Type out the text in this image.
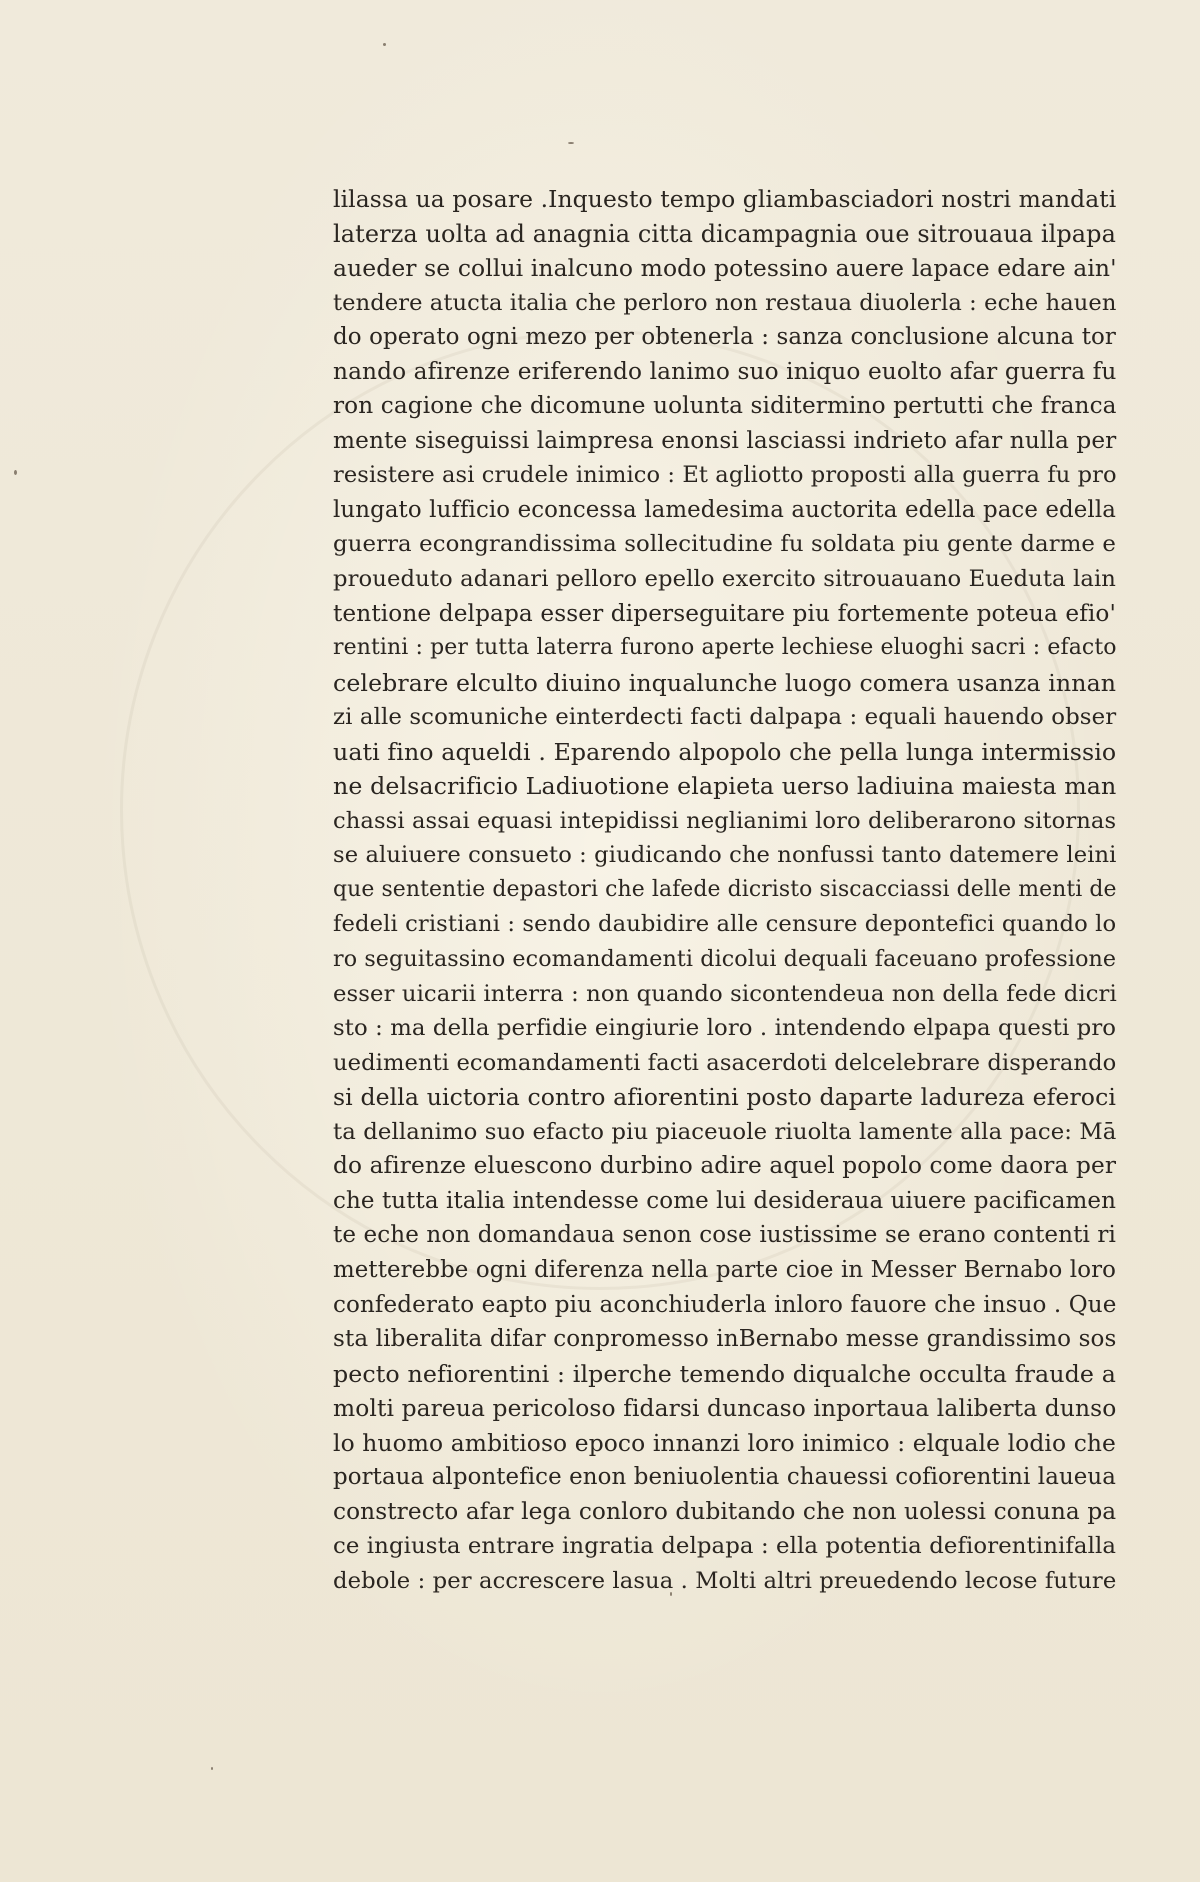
lilassa ua posare .Inquesto tempo gliambasciadori nostri mandati
laterza uolta ad anagnia citta dicampagnia oue sitrouaua ilpapa
aueder se collui inalcuno modo potessino auere lapace edare ain'
tendere atucta italia che perloro non restaua diuolerla : eche hauen
do operato ogni mezo per obtenerla : sanza conclusione alcuna tor
nando afirenze eriferendo lanimo suo iniquo euolto afar guerra fu
ron cagione che dicomune uolunta siditermino pertutti che franca
mente siseguissi laimpresa enonsi lasciassi indrieto afar nulla per
resistere asi crudele inimico : Et agliotto proposti alla guerra fu pro
lungato lufficio econcessa lamedesima auctorita edella pace edella
guerra econgrandissima sollecitudine fu soldata piu gente darme e
proueduto adanari pelloro epello exercito sitrouauano Eueduta lain
tentione delpapa esser diperseguitare piu fortemente poteua efio'
rentini : per tutta laterra furono aperte lechiese eluoghi sacri : efacto
celebrare elculto diuino inqualunche luogo comera usanza innan
zi alle scomuniche einterdecti facti dalpapa : equali hauendo obser
uati fino aqueldi . Eparendo alpopolo che pella lunga intermissio
ne delsacrificio Ladiuotione elapieta uerso ladiuina maiesta man
chassi assai equasi intepidissi neglianimi loro deliberarono sitornas
se aluiuere consueto : giudicando che nonfussi tanto datemere leini
que sententie depastori che lafede dicristo siscacciassi delle menti de
fedeli cristiani : sendo daubidire alle censure depontefici quando lo
ro seguitassino ecomandamenti dicolui dequali faceuano professione
esser uicarii interra : non quando sicontendeua non della fede dicri
sto : ma della perfidie eingiurie loro . intendendo elpapa questi pro
uedimenti ecomandamenti facti asacerdoti delcelebrare disperando
si della uictoria contro afiorentini posto daparte ladureza eferoci
ta dellanimo suo efacto piu piaceuole riuolta lamente alla pace: Mā
do afirenze eluescono durbino adire aquel popolo come daora per
che tutta italia intendesse come lui desideraua uiuere pacificamen
te eche non domandaua senon cose iustissime se erano contenti ri
metterebbe ogni diferenza nella parte cioe in Messer Bernabo loro
confederato eapto piu aconchiuderla inloro fauore che insuo . Que
sta liberalita difar conpromesso inBernabo messe grandissimo sos
pecto nefiorentini : ilperche temendo diqualche occulta fraude a
molti pareua pericoloso fidarsi duncaso inportaua laliberta dunso
lo huomo ambitioso epoco innanzi loro inimico : elquale lodio che
portaua alpontefice enon beniuolentia chauessi cofiorentini laueua
constrecto afar lega conloro dubitando che non uolessi conuna pa
ce ingiusta entrare ingratia delpapa : ella potentia defiorentinifalla
debole : per accrescere lasua . Molti altri preuedendo lecose future
